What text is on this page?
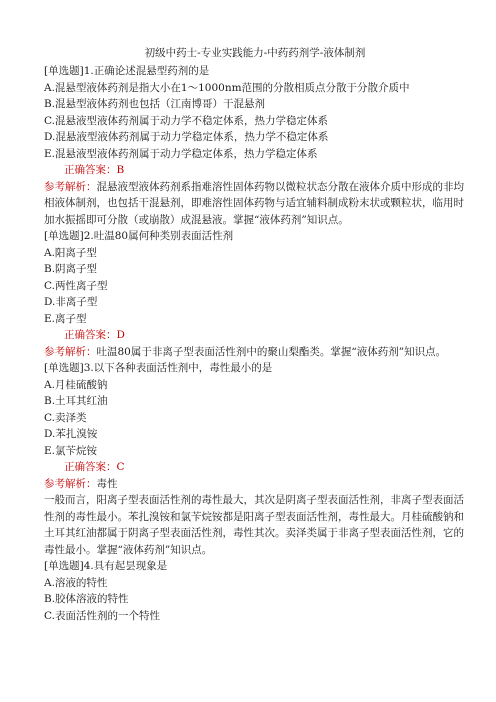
初级中药士-专业实践能力-中药药剂学-液体制剂
[单选题]1.正确论述混悬型药剂的是
A.混悬型液体药剂是指大小在1～1000nm范围的分散相质点分散于分散介质中
B.混悬型液体药剂也包括（江南博哥）干混悬剂
C.混悬液型液体药剂属于动力学不稳定体系，热力学稳定体系
D.混悬液型液体药剂属于动力学稳定体系，热力学不稳定体系
E.混悬液型液体药剂属于动力学稳定体系，热力学稳定体系
正确答案：B
参考解析：混悬液型液体药剂系指难溶性固体药物以微粒状态分散在液体介质中形成的非均相液体制剂，也包括干混悬剂，即难溶性固体药物与适宜辅料制成粉末状或颗粒状，临用时加水振摇即可分散（或崩散）成混悬液。掌握“液体药剂”知识点。
[单选题]2.吐温80属何种类别表面活性剂
A.阳离子型
B.阴离子型
C.两性离子型
D.非离子型
E.离子型
正确答案：D
参考解析：吐温80属于非离子型表面活性剂中的聚山梨酯类。掌握“液体药剂”知识点。
[单选题]3.以下各种表面活性剂中，毒性最小的是
A.月桂硫酸钠
B.土耳其红油
C.卖泽类
D.苯扎溴铵
E.氯苄烷铵
正确答案：C
参考解析：毒性
一般而言，阳离子型表面活性剂的毒性最大，其次是阴离子型表面活性剂，非离子型表面活性剂的毒性最小。苯扎溴铵和氯苄烷铵都是阳离子型表面活性剂，毒性最大。月桂硫酸钠和土耳其红油都属于阴离子型表面活性剂，毒性其次。卖泽类属于非离子型表面活性剂，它的毒性最小。掌握“液体药剂”知识点。
[单选题]4.具有起昙现象是
A.溶液的特性
B.胶体溶液的特性
C.表面活性剂的一个特性
